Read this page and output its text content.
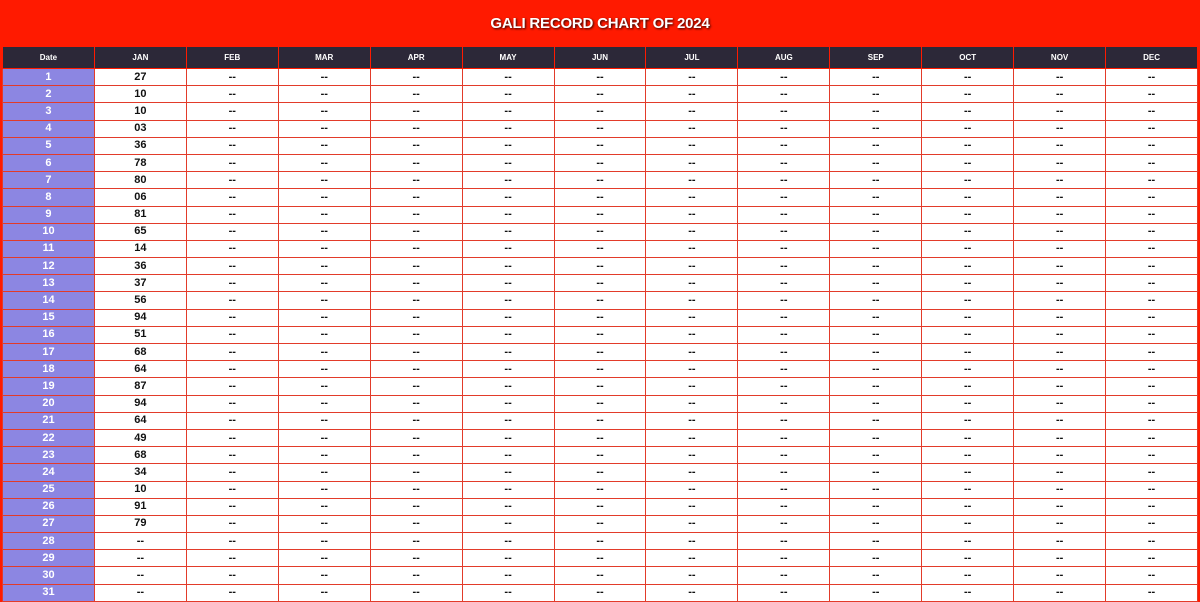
GALI RECORD CHART OF 2024
Date	JAN	FEB	MAR	APR	MAY	JUN	JUL	AUG	SEP	OCT	NOV	DEC
1	27	--	--	--	--	--	--	--	--	--	--	--
2	10	--	--	--	--	--	--	--	--	--	--	--
3	10	--	--	--	--	--	--	--	--	--	--	--
4	03	--	--	--	--	--	--	--	--	--	--	--
5	36	--	--	--	--	--	--	--	--	--	--	--
6	78	--	--	--	--	--	--	--	--	--	--	--
7	80	--	--	--	--	--	--	--	--	--	--	--
8	06	--	--	--	--	--	--	--	--	--	--	--
9	81	--	--	--	--	--	--	--	--	--	--	--
10	65	--	--	--	--	--	--	--	--	--	--	--
11	14	--	--	--	--	--	--	--	--	--	--	--
12	36	--	--	--	--	--	--	--	--	--	--	--
13	37	--	--	--	--	--	--	--	--	--	--	--
14	56	--	--	--	--	--	--	--	--	--	--	--
15	94	--	--	--	--	--	--	--	--	--	--	--
16	51	--	--	--	--	--	--	--	--	--	--	--
17	68	--	--	--	--	--	--	--	--	--	--	--
18	64	--	--	--	--	--	--	--	--	--	--	--
19	87	--	--	--	--	--	--	--	--	--	--	--
20	94	--	--	--	--	--	--	--	--	--	--	--
21	64	--	--	--	--	--	--	--	--	--	--	--
22	49	--	--	--	--	--	--	--	--	--	--	--
23	68	--	--	--	--	--	--	--	--	--	--	--
24	34	--	--	--	--	--	--	--	--	--	--	--
25	10	--	--	--	--	--	--	--	--	--	--	--
26	91	--	--	--	--	--	--	--	--	--	--	--
27	79	--	--	--	--	--	--	--	--	--	--	--
28	--	--	--	--	--	--	--	--	--	--	--	--
29	--	--	--	--	--	--	--	--	--	--	--	--
30	--	--	--	--	--	--	--	--	--	--	--	--
31	--	--	--	--	--	--	--	--	--	--	--	--
